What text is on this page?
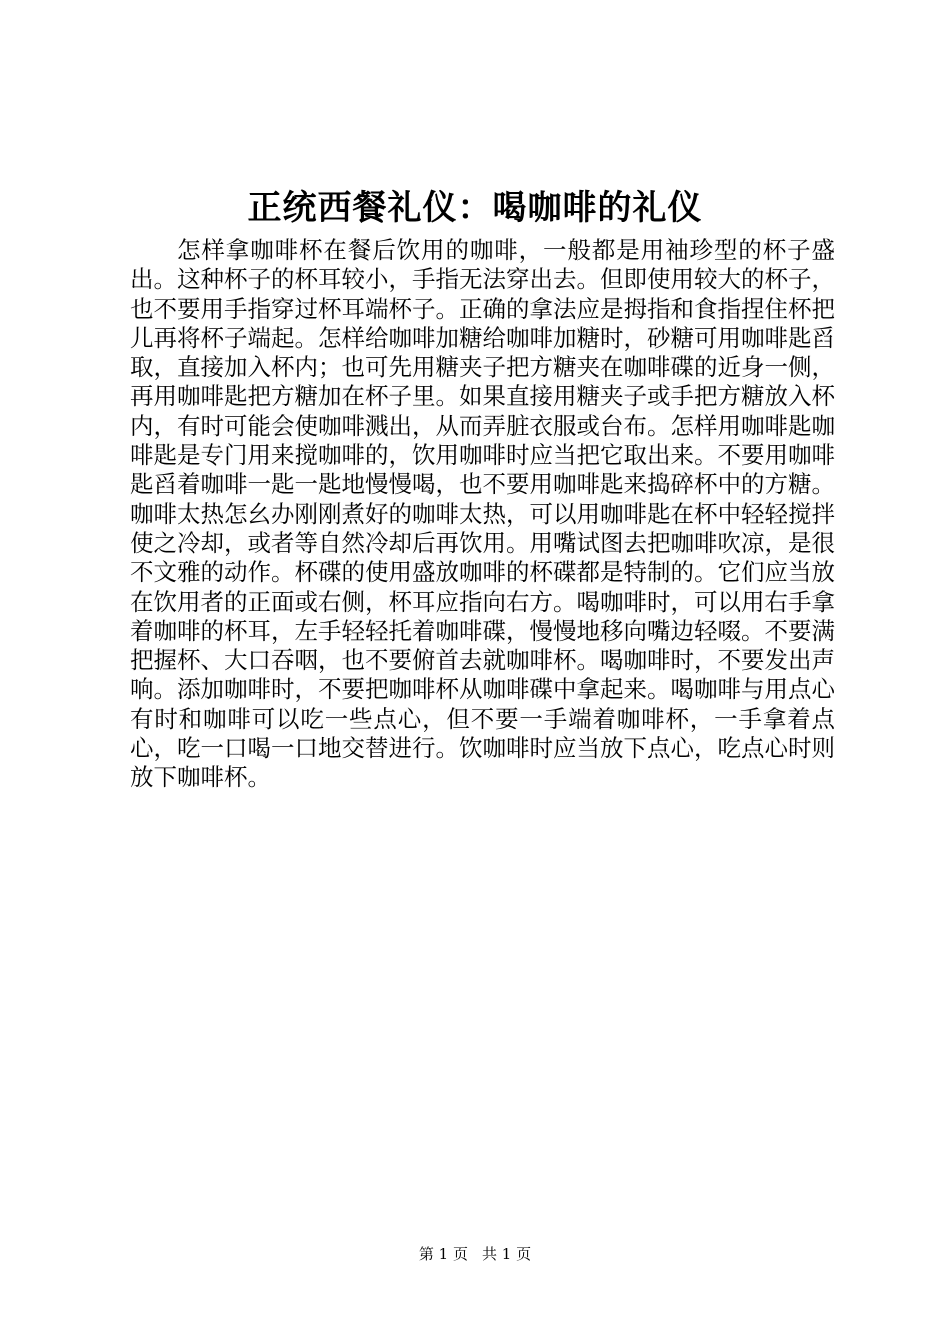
正统西餐礼仪：喝咖啡的礼仪

怎样拿咖啡杯在餐后饮用的咖啡，一般都是用袖珍型的杯子盛出。这种杯子的杯耳较小，手指无法穿出去。但即使用较大的杯子，也不要用手指穿过杯耳端杯子。正确的拿法应是拇指和食指捏住杯把儿再将杯子端起。怎样给咖啡加糖给咖啡加糖时，砂糖可用咖啡匙舀取，直接加入杯内；也可先用糖夹子把方糖夹在咖啡碟的近身一侧，再用咖啡匙把方糖加在杯子里。如果直接用糖夹子或手把方糖放入杯内，有时可能会使咖啡溅出，从而弄脏衣服或台布。怎样用咖啡匙咖啡匙是专门用来搅咖啡的，饮用咖啡时应当把它取出来。不要用咖啡匙舀着咖啡一匙一匙地慢慢喝，也不要用咖啡匙来捣碎杯中的方糖。咖啡太热怎幺办刚刚煮好的咖啡太热，可以用咖啡匙在杯中轻轻搅拌使之冷却，或者等自然冷却后再饮用。用嘴试图去把咖啡吹凉，是很不文雅的动作。杯碟的使用盛放咖啡的杯碟都是特制的。它们应当放在饮用者的正面或右侧，杯耳应指向右方。喝咖啡时，可以用右手拿着咖啡的杯耳，左手轻轻托着咖啡碟，慢慢地移向嘴边轻啜。不要满把握杯、大口吞咽，也不要俯首去就咖啡杯。喝咖啡时，不要发出声响。添加咖啡时，不要把咖啡杯从咖啡碟中拿起来。喝咖啡与用点心有时和咖啡可以吃一些点心，但不要一手端着咖啡杯，一手拿着点心，吃一口喝一口地交替进行。饮咖啡时应当放下点心，吃点心时则放下咖啡杯。

第 1 页 共 1 页
